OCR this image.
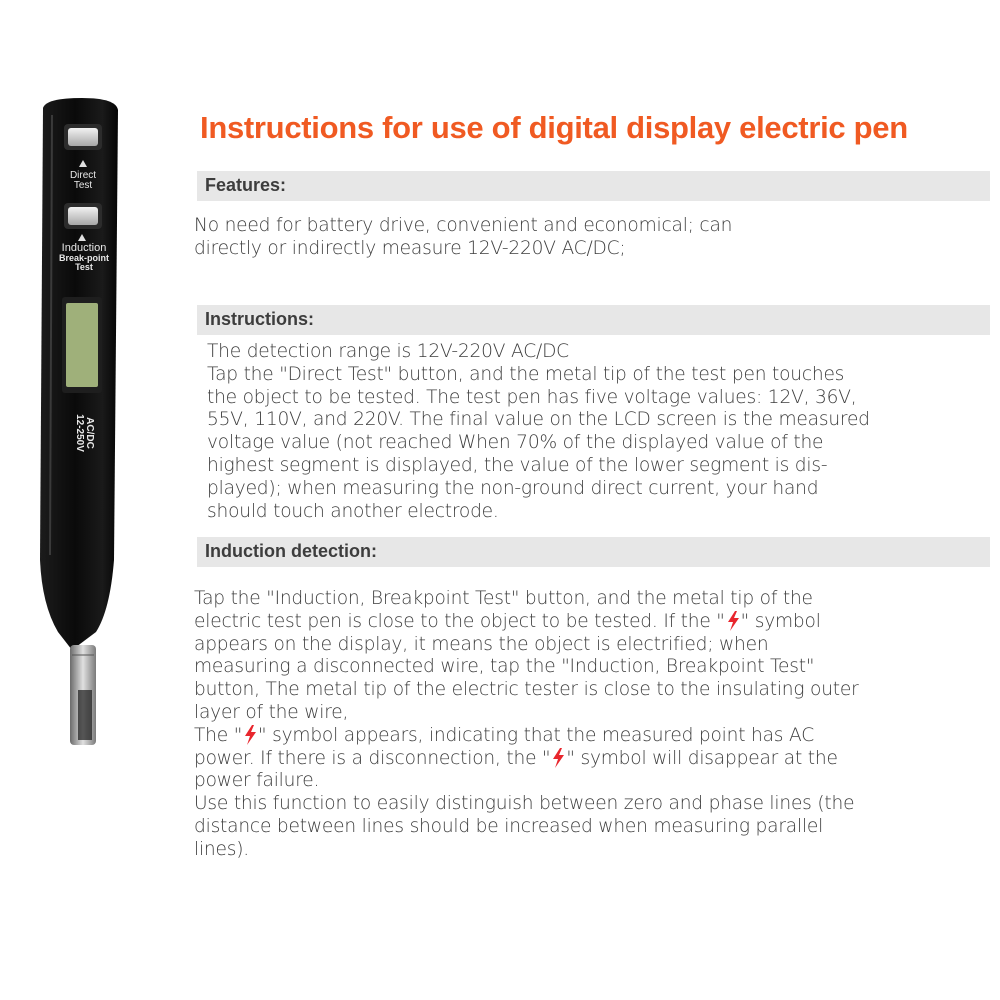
Direct
Test
Induction
Break-point
Test
AC/DC
12-250V
Instructions for use of digital display electric pen
Features:

No need for battery drive, convenient and economical; can

directly or indirectly measure 12V-220V AC/DC;

Instructions:

The detection range is 12V-220V AC/DC

Tap the "Direct Test" button, and the metal tip of the test pen touches

the object to be tested. The test pen has five voltage values: 12V, 36V,

55V, 110V, and 220V. The final value on the LCD screen is the measured

voltage value (not reached When 70% of the displayed value of the

highest segment is displayed, the value of the lower segment is dis-

played); when measuring the non-ground direct current, your hand

should touch another electrode.

Induction detection:

Tap the "Induction, Breakpoint Test" button, and the metal tip of the

electric test pen is close to the object to be tested. If the " " symbol

appears on the display, it means the object is electrified; when

measuring a disconnected wire, tap the "Induction, Breakpoint Test"

button, The metal tip of the electric tester is close to the insulating outer

layer of the wire,

The " " symbol appears, indicating that the measured point has AC

power. If there is a disconnection, the " " symbol will disappear at the

power failure.

Use this function to easily distinguish between zero and phase lines (the

distance between lines should be increased when measuring parallel

lines).
